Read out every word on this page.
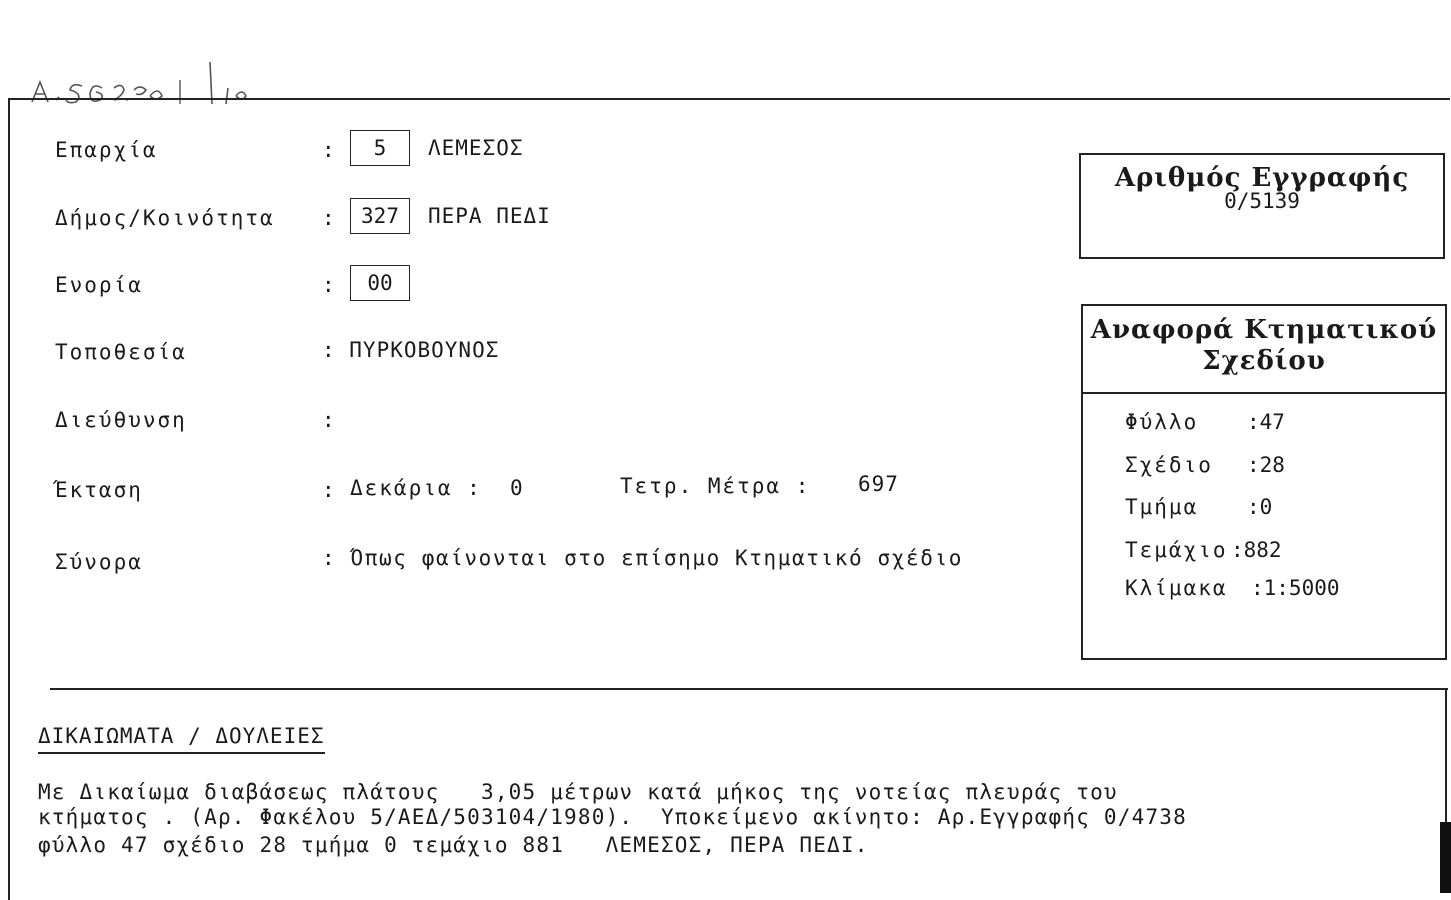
Επαρχία	:	5	ΛΕΜΕΣΟΣ
Δήμος/Κοινότητα :	327	ΠΕΡΑ ΠΕΔΙ
Ενορία	:	00
Τοποθεσία	: ΠΥΡΚΟΒΟΥΝΟΣ
Διεύθυνση	:
Έκταση	: Δεκάρια : 0	Τετρ. Μέτρα : 697
Σύνορα	: Όπως φαίνονται στο επίσημο Κτηματικό σχέδιο
Αριθμός Εγγραφής
0/5139
Αναφορά Κτηματικού
Σχεδίου
Φύλλο :47
Σχέδιο :28
Τμήμα :0
Τεμάχιο :882
Κλίμακα :1:5000
ΔΙΚΑΙΩΜΑΤΑ / ΔΟΥΛΕΙΕΣ
Με Δικαίωμα διαβάσεως πλάτους   3,05 μέτρων κατά μήκος της νοτείας πλευράς του
κτήματος . (Αρ. Φακέλου 5/ΑΕΔ/503104/1980).  Υποκείμενο ακίνητο: Αρ.Εγγραφής 0/4738
φύλλο 47 σχέδιο 28 τμήμα 0 τεμάχιο 881   ΛΕΜΕΣΟΣ, ΠΕΡΑ ΠΕΔΙ.
